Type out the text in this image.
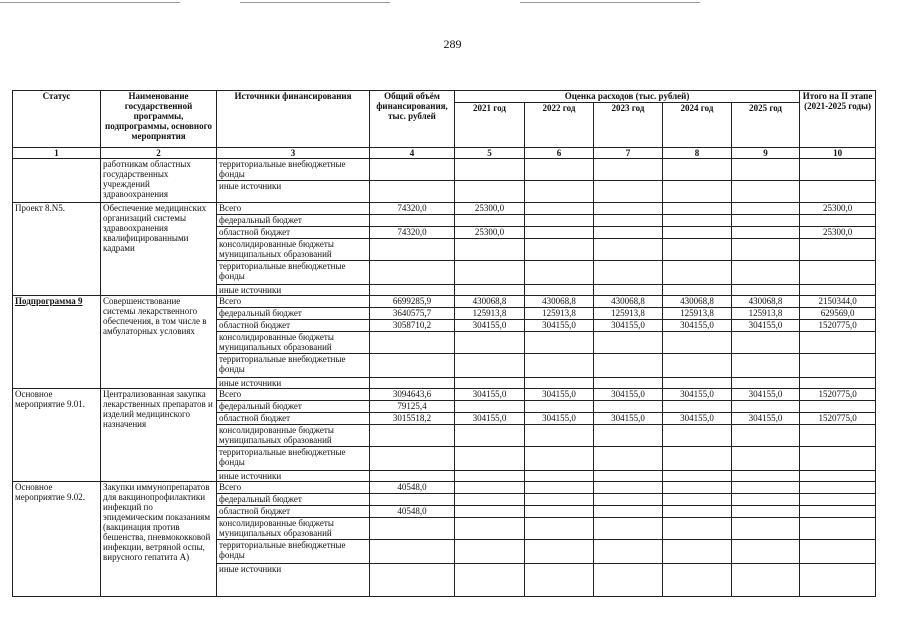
289
Статус	Наименование государственной программы, подпрограммы, основного мероприятия	Источники финансирования	Общий объём финансирования, тыс. рублей	Оценка расходов (тыс. рублей)					Итого на II этапе (2021-2025 годы)
				2021 год	2022 год	2023 год	2024 год	2025 год	
1	2	3	4	5	6	7	8	9	10
	работникам областных государственных учреждений здравоохранения	территориальные внебюджетные фонды							
		иные источники							
Проект 8.N5.	Обеспечение медицинских организаций системы здравоохранения квалифицированными кадрами	Всего	74320,0	25300,0					25300,0
		федеральный бюджет							
		областной бюджет	74320,0	25300,0					25300,0
		консолидированные бюджеты муниципальных образований							
		территориальные внебюджетные фонды							
		иные источники							
Подпрограмма 9	Совершенствование системы лекарственного обеспечения, в том числе в амбулаторных условиях	Всего	6699285,9	430068,8	430068,8	430068,8	430068,8	430068,8	2150344,0
		федеральный бюджет	3640575,7	125913,8	125913,8	125913,8	125913,8	125913,8	629569,0
		областной бюджет	3058710,2	304155,0	304155,0	304155,0	304155,0	304155,0	1520775,0
		консолидированные бюджеты муниципальных образований							
		территориальные внебюджетные фонды							
		иные источники							
Основное мероприятие 9.01.	Централизованная закупка лекарственных препаратов и изделий медицинского назначения	Всего	3094643,6	304155,0	304155,0	304155,0	304155,0	304155,0	1520775,0
		федеральный бюджет	79125,4						
		областной бюджет	3015518,2	304155,0	304155,0	304155,0	304155,0	304155,0	1520775,0
		консолидированные бюджеты муниципальных образований							
		территориальные внебюджетные фонды							
		иные источники							
Основное мероприятие 9.02.	Закупки иммунопрепаратов для вакцинопрофилактики инфекций по эпидемическим показаниям (вакцинация против бешенства, пневмококковой инфекции, ветряной оспы, вирусного гепатита А)	Всего	40548,0						
		федеральный бюджет							
		областной бюджет	40548,0						
		консолидированные бюджеты муниципальных образований							
		территориальные внебюджетные фонды							
		иные источники							
